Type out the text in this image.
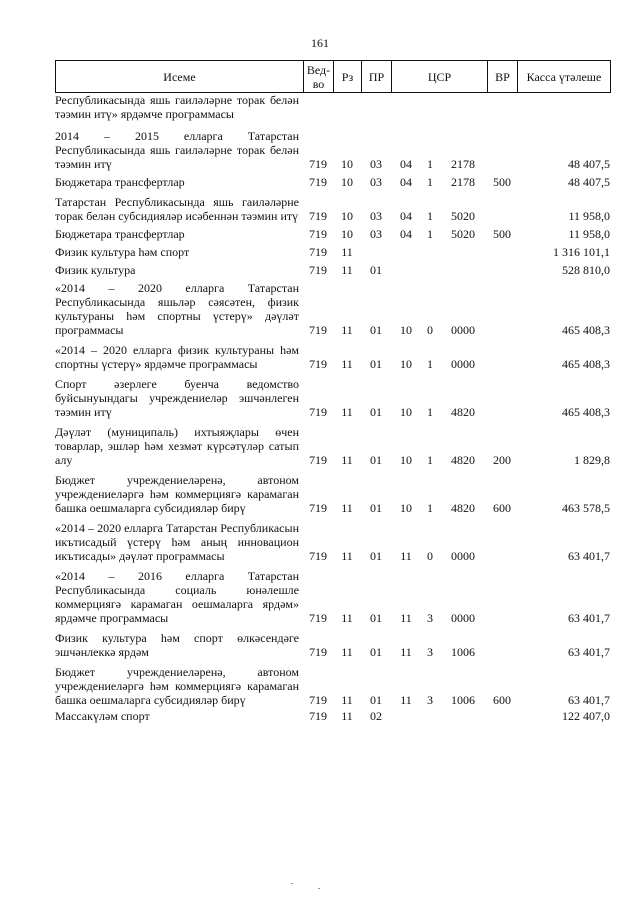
161
Исеме	Вед-во	Рз	ПР	ЦСР	ВР	Касса үтәлеше
Республикасында яшь гаиләләрне торак белән тәэмин итү» ярдәмче программасы								
2014 – 2015 елларга Татарстан Республикасында яшь гаиләләрне торак белән тәэмин итү	719	10	03	04	1	2178		48 407,5
Бюджетара трансфертлар	719	10	03	04	1	2178	500	48 407,5
Татарстан Республикасында яшь гаиләләрне торак белән субсидияләр исәбеннән тәэмин итү	719	10	03	04	1	5020		11 958,0
Бюджетара трансфертлар	719	10	03	04	1	5020	500	11 958,0
Физик культура һәм спорт	719	11						1 316 101,1
Физик культура	719	11	01					528 810,0
«2014 – 2020 елларга Татарстан Республикасында яшьләр сәясәтен, физик культураны һәм спортны үстерү» дәүләт программасы	719	11	01	10	0	0000		465 408,3
«2014 – 2020 елларга физик культураны һәм спортны үстерү» ярдәмче программасы	719	11	01	10	1	0000		465 408,3
Спорт әзерлеге буенча ведомство буйсынуындагы учреждениеләр эшчәнлеген тәэмин итү	719	11	01	10	1	4820		465 408,3
Дәүләт (муниципаль) ихтыяҗлары өчен товарлар, эшләр һәм хезмәт күрсәтүләр сатып алу	719	11	01	10	1	4820	200	1 829,8
Бюджет учреждениеләренә, автоном учреждениеләргә һәм коммерциягә карамаган башка оешмаларга субсидияләр бирү	719	11	01	10	1	4820	600	463 578,5
«2014 – 2020 елларга Татарстан Республикасын икътисадый үстерү һәм аның инновацион икътисады» дәүләт программасы	719	11	01	11	0	0000		63 401,7
«2014 – 2016 елларга Татарстан Республикасында социаль юнәлешле коммерциягә карамаган оешмаларга ярдәм» ярдәмче программасы	719	11	01	11	3	0000		63 401,7
Физик культура һәм спорт өлкәсендәге эшчәнлеккә ярдәм	719	11	01	11	3	1006		63 401,7
Бюджет учреждениеләренә, автоном учреждениеләргә һәм коммерциягә карамаган башка оешмаларга субсидияләр бирү	719	11	01	11	3	1006	600	63 401,7
Массакүләм спорт	719	11	02					122 407,0
